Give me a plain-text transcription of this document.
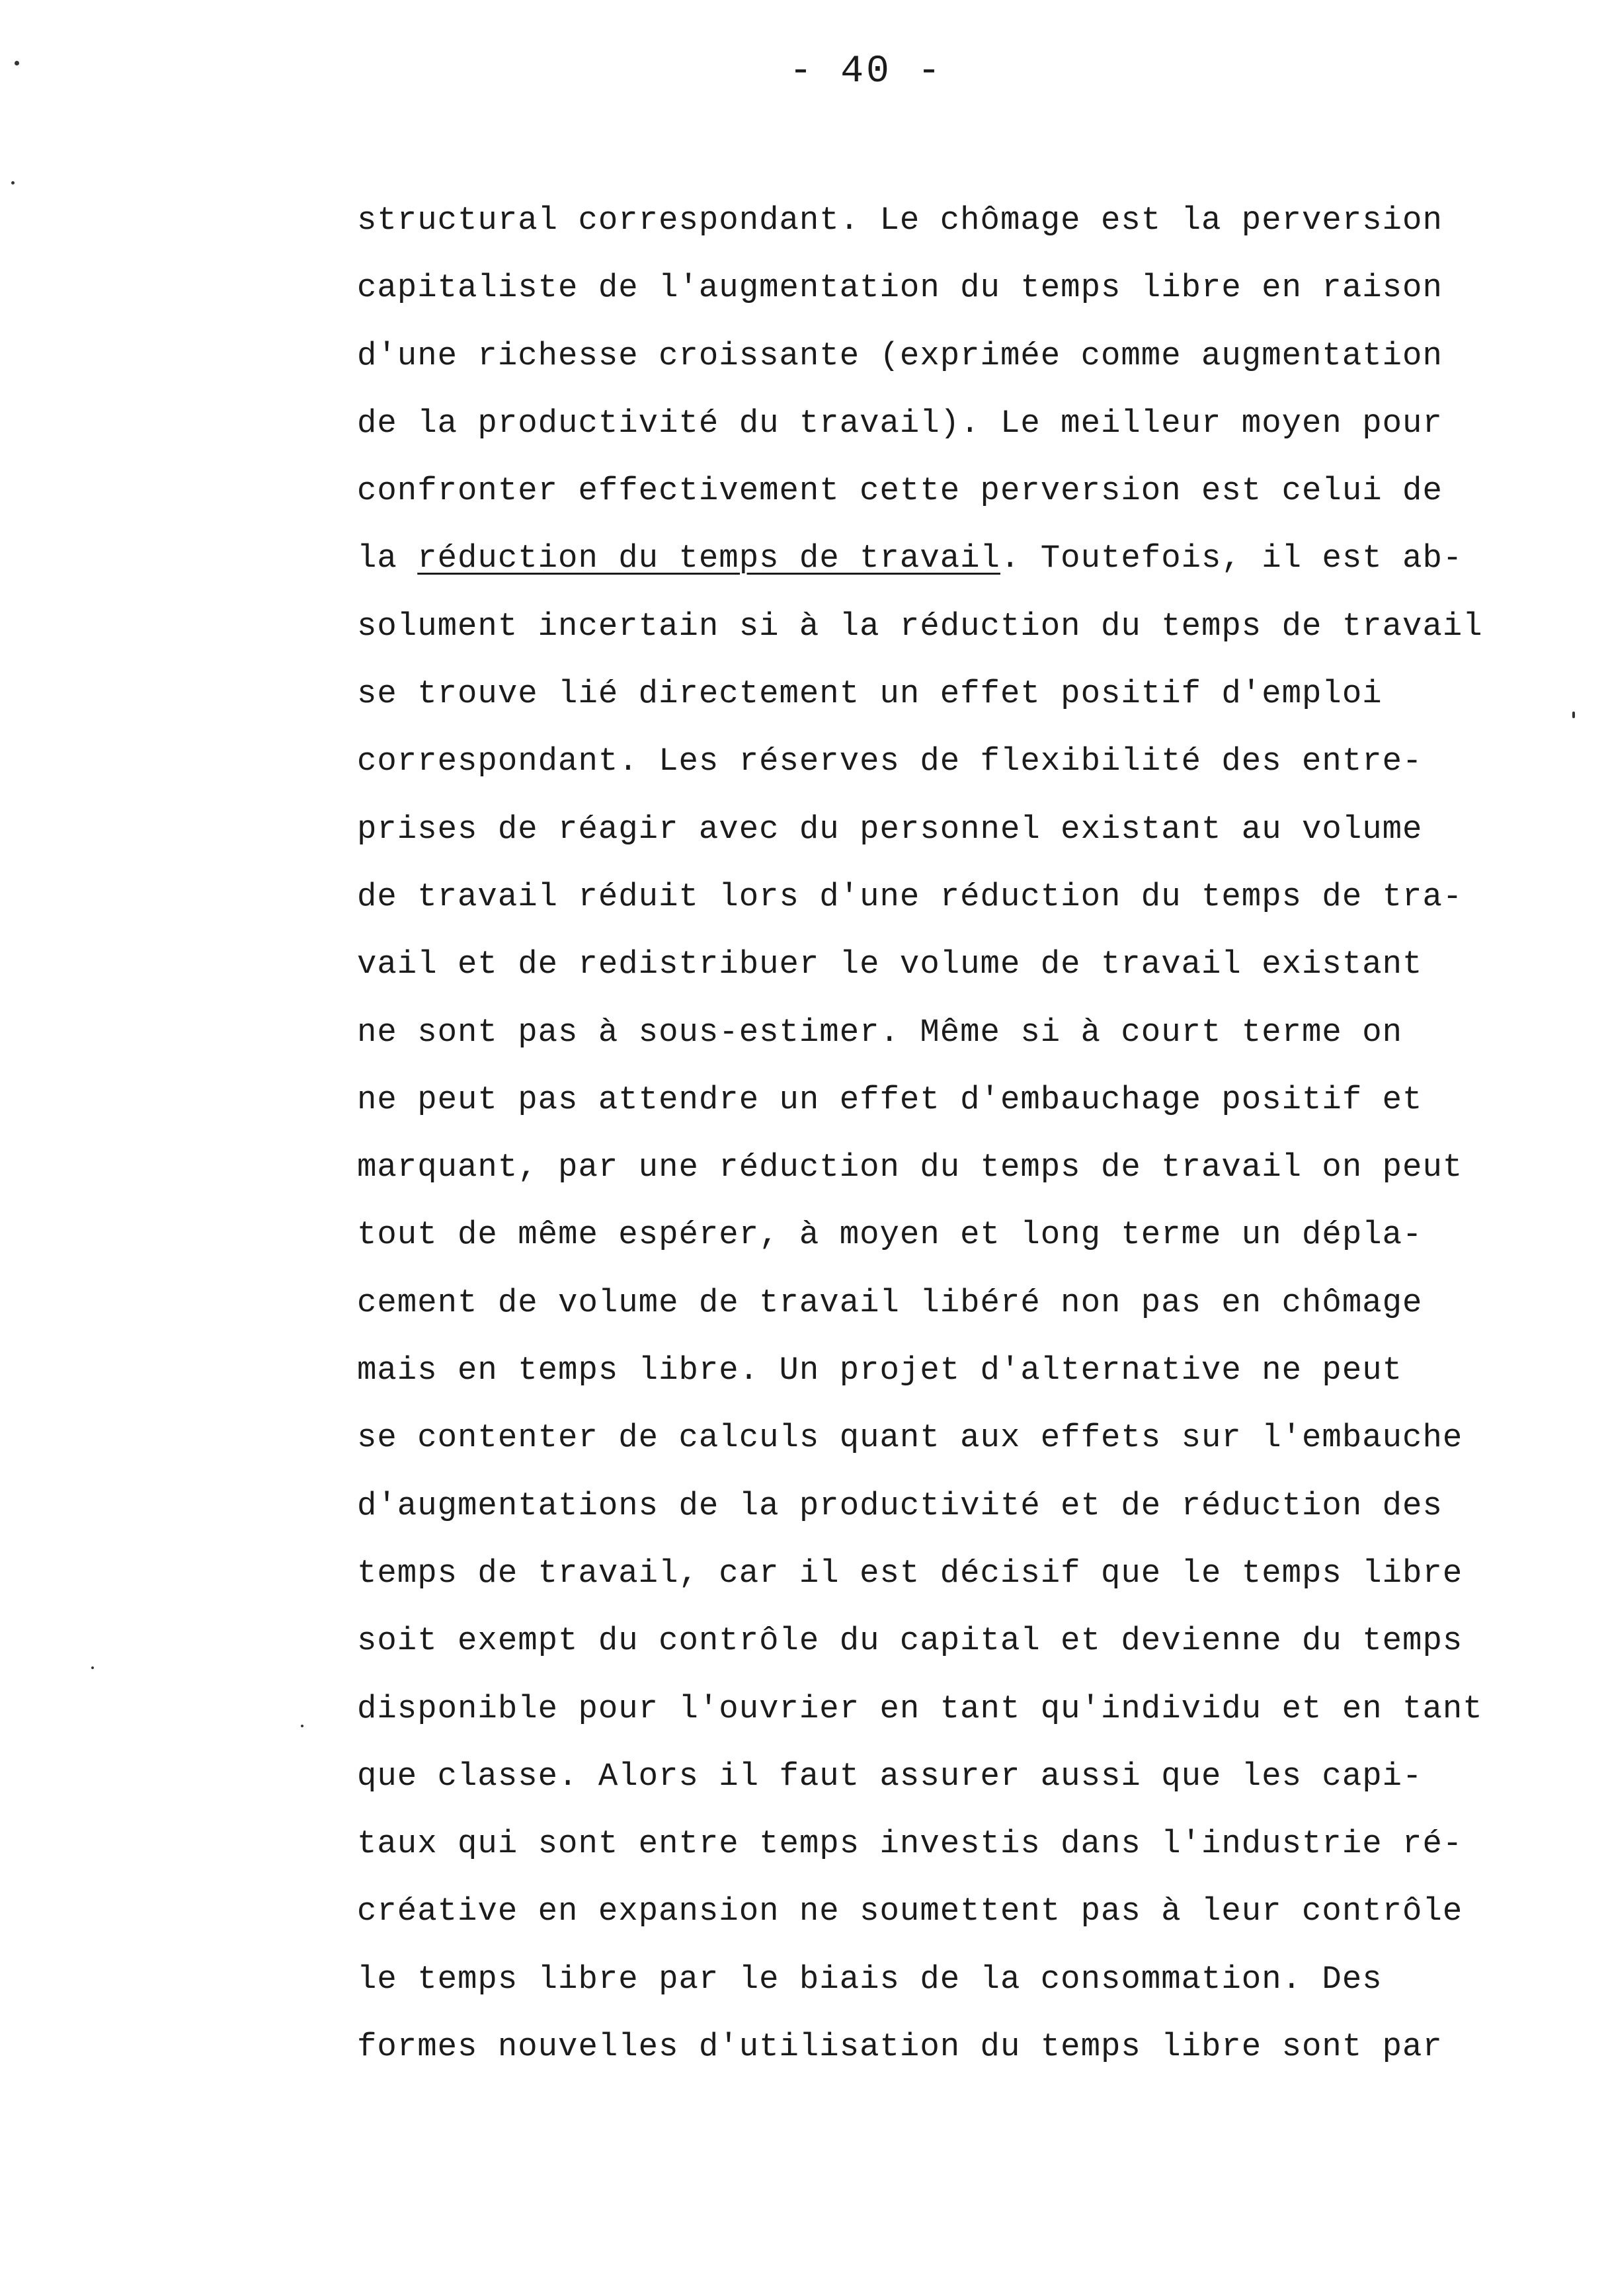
- 40 -
structural correspondant. Le chômage est la perversion
capitaliste de l'augmentation du temps libre en raison
d'une richesse croissante (exprimée comme augmentation
de la productivité du travail). Le meilleur moyen pour
confronter effectivement cette perversion est celui de
la réduction du temps de travail. Toutefois, il est ab-
solument incertain si à la réduction du temps de travail
se trouve lié directement un effet positif d'emploi
correspondant. Les réserves de flexibilité des entre-
prises de réagir avec du personnel existant au volume
de travail réduit lors d'une réduction du temps de tra-
vail et de redistribuer le volume de travail existant
ne sont pas à sous-estimer. Même si à court terme on
ne peut pas attendre un effet d'embauchage positif et
marquant, par une réduction du temps de travail on peut
tout de même espérer, à moyen et long terme un dépla-
cement de volume de travail libéré non pas en chômage
mais en temps libre. Un projet d'alternative ne peut
se contenter de calculs quant aux effets sur l'embauche
d'augmentations de la productivité et de réduction des
temps de travail, car il est décisif que le temps libre
soit exempt du contrôle du capital et devienne du temps
disponible pour l'ouvrier en tant qu'individu et en tant
que classe. Alors il faut assurer aussi que les capi-
taux qui sont entre temps investis dans l'industrie ré-
créative en expansion ne soumettent pas à leur contrôle
le temps libre par le biais de la consommation. Des
formes nouvelles d'utilisation du temps libre sont par
